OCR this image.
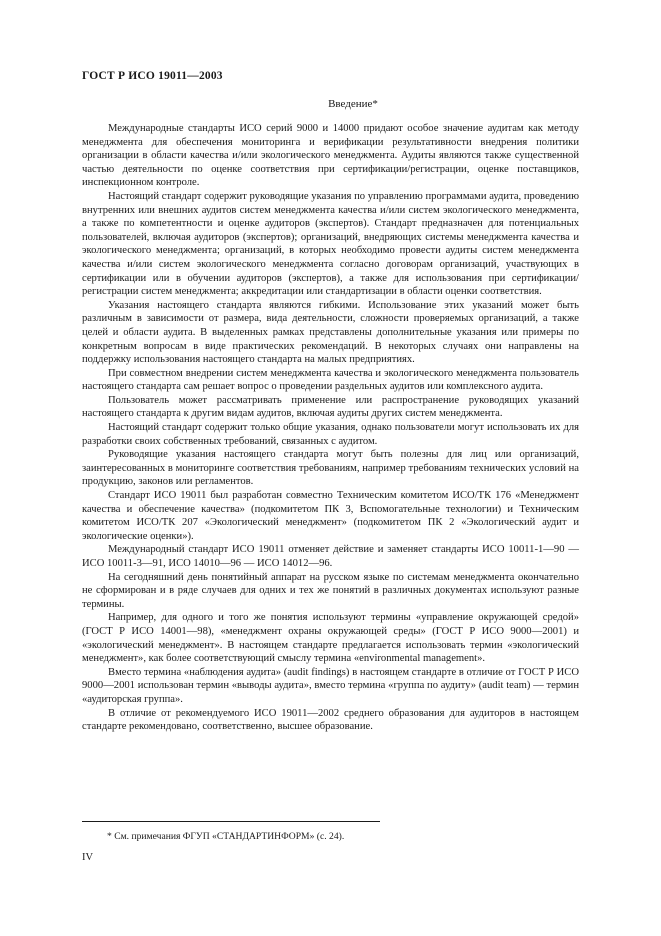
ГОСТ Р ИСО 19011—2003
Введение*

Международные стандарты ИСО серий 9000 и 14000 придают особое значение аудитам как методу менеджмента для обеспечения мониторинга и верификации результативности внедрения политики организации в области качества и/или экологического менеджмента. Аудиты являются также существенной частью деятельности по оценке соответствия при сертификации/регистрации, оценке поставщиков, инспекционном контроле.

Настоящий стандарт содержит руководящие указания по управлению программами аудита, проведению внутренних или внешних аудитов систем менеджмента качества и/или систем экологического менеджмента, а также по компетентности и оценке аудиторов (экспертов). Стандарт предназначен для потенциальных пользователей, включая аудиторов (экспертов); организаций, внедряющих системы менеджмента качества и экологического менеджмента; организаций, в которых необходимо провести аудиты систем менеджмента качества и/или систем экологического менеджмента согласно договорам организаций, участвующих в сертификации или в обучении аудиторов (экспертов), а также для использования при сертификации/регистрации систем менеджмента; аккредитации или стандартизации в области оценки соответствия.

Указания настоящего стандарта являются гибкими. Использование этих указаний может быть различным в зависимости от размера, вида деятельности, сложности проверяемых организаций, а также целей и области аудита. В выделенных рамках представлены дополнительные указания или примеры по конкретным вопросам в виде практических рекомендаций. В некоторых случаях они направлены на поддержку использования настоящего стандарта на малых предприятиях.

При совместном внедрении систем менеджмента качества и экологического менеджмента пользователь настоящего стандарта сам решает вопрос о проведении раздельных аудитов или комплексного аудита.

Пользователь может рассматривать применение или распространение руководящих указаний настоящего стандарта к другим видам аудитов, включая аудиты других систем менеджмента.

Настоящий стандарт содержит только общие указания, однако пользователи могут использовать их для разработки своих собственных требований, связанных с аудитом.

Руководящие указания настоящего стандарта могут быть полезны для лиц или организаций, заинтересованных в мониторинге соответствия требованиям, например требованиям технических условий на продукцию, законов или регламентов.

Стандарт ИСО 19011 был разработан совместно Техническим комитетом ИСО/ТК 176 «Менеджмент качества и обеспечение качества» (подкомитетом ПК 3, Вспомогательные технологии) и Техническим комитетом ИСО/ТК 207 «Экологический менеджмент» (подкомитетом ПК 2 «Экологический аудит и экологические оценки»).

Международный стандарт ИСО 19011 отменяет действие и заменяет стандарты ИСО 10011-1—90 — ИСО 10011-3—91, ИСО 14010—96 — ИСО 14012—96.

На сегодняшний день понятийный аппарат на русском языке по системам менеджмента окончательно не сформирован и в ряде случаев для одних и тех же понятий в различных документах используют разные термины.

Например, для одного и того же понятия используют термины «управление окружающей средой» (ГОСТ Р ИСО 14001—98), «менеджмент охраны окружающей среды» (ГОСТ Р ИСО 9000—2001) и «экологический менеджмент». В настоящем стандарте предлагается использовать термин «экологический менеджмент», как более соответствующий смыслу термина «environmental management».

Вместо термина «наблюдения аудита» (audit findings) в настоящем стандарте в отличие от ГОСТ Р ИСО 9000—2001 использован термин «выводы аудита», вместо термина «группа по аудиту» (audit team) — термин «аудиторская группа».

В отличие от рекомендуемого ИСО 19011—2002 среднего образования для аудиторов в настоящем стандарте рекомендовано, соответственно, высшее образование.

* См. примечания ФГУП «СТАНДАРТИНФОРМ» (с. 24).
IV
